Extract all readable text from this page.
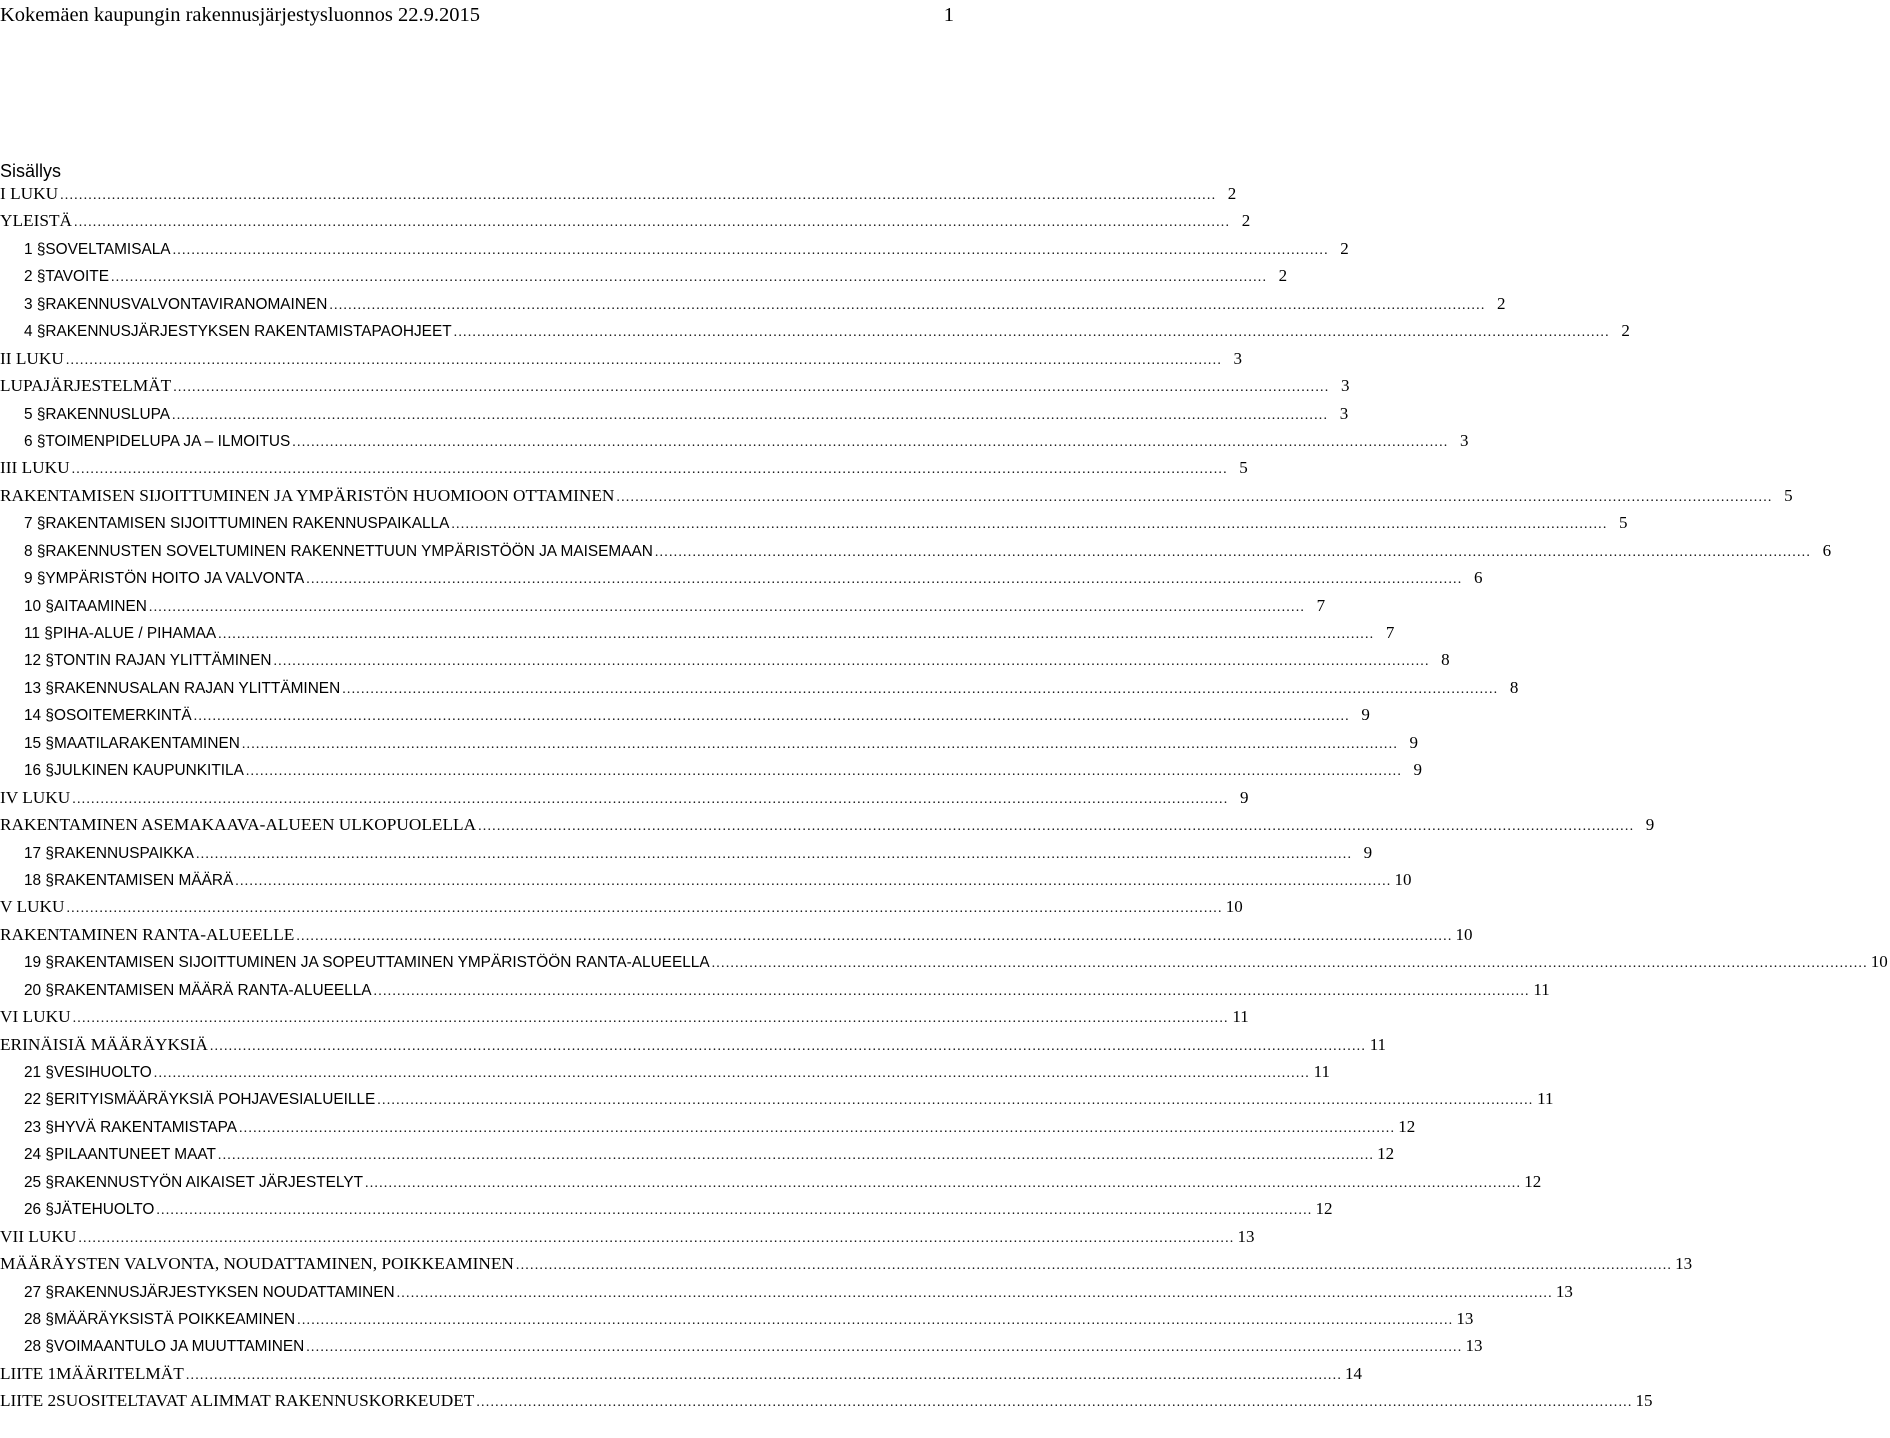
Kokemäen kaupungin rakennusjärjestysluonnos 22.9.2015	1
Sisällys
I LUKU .....	2
YLEISTÄ .....	2
1 § SOVELTAMISALA .....	2
2 § TAVOITE .....	2
3 § RAKENNUSVALVONTAVIRANOMAINEN .....	2
4 § RAKENNUSJÄRJESTYKSEN RAKENTAMISTAPAOHJEET .....	2
II LUKU .....	3
LUPAJÄRJESTELMÄT .....	3
5 § RAKENNUSLUPA .....	3
6 § TOIMENPIDELUPA JA – ILMOITUS .....	3
III LUKU .....	5
RAKENTAMISEN SIJOITTUMINEN JA YMPÄRISTÖN HUOMIOON OTTAMINEN .....	5
7 § RAKENTAMISEN SIJOITTUMINEN RAKENNUSPAIKALLA .....	5
8 § RAKENNUSTEN SOVELTUMINEN RAKENNETTUUN YMPÄRISTÖÖN JA MAISEMAAN .....	6
9 § YMPÄRISTÖN HOITO JA VALVONTA .....	6
10 § AITAAMINEN .....	7
11 § PIHA-ALUE / PIHAMAA .....	7
12 § TONTIN RAJAN YLITTÄMINEN .....	8
13 § RAKENNUSALAN RAJAN YLITTÄMINEN .....	8
14 § OSOITEMERKINTÄ .....	9
15 § MAATILARAKENTAMINEN .....	9
16 § JULKINEN KAUPUNKITILA .....	9
IV LUKU .....	9
RAKENTAMINEN ASEMAKAAVA-ALUEEN ULKOPUOLELLA .....	9
17 § RAKENNUSPAIKKA .....	9
18 § RAKENTAMISEN MÄÄRÄ .....	10
V LUKU .....	10
RAKENTAMINEN RANTA-ALUEELLE .....	10
19 § RAKENTAMISEN SIJOITTUMINEN JA SOPEUTTAMINEN YMPÄRISTÖÖN RANTA-ALUEELLA .....	10
20 § RAKENTAMISEN MÄÄRÄ RANTA-ALUEELLA .....	11
VI LUKU .....	11
ERINÄISIÄ MÄÄRÄYKSIÄ .....	11
21 § VESIHUOLTO .....	11
22 § ERITYISMÄÄRÄYKSIÄ POHJAVESIALUEILLE .....	11
23 § HYVÄ RAKENTAMISTAPA .....	12
24 § PILAANTUNEET MAAT .....	12
25 § RAKENNUSTYÖN AIKAISET JÄRJESTELYT .....	12
26 § JÄTEHUOLTO .....	12
VII LUKU .....	13
MÄÄRÄYSTEN VALVONTA, NOUDATTAMINEN, POIKKEAMINEN .....	13
27 § RAKENNUSJÄRJESTYKSEN NOUDATTAMINEN .....	13
28 § MÄÄRÄYKSISTÄ POIKKEAMINEN .....	13
28 § VOIMAANTULO JA MUUTTAMINEN .....	13
LIITE 1 MÄÄRITELMÄT .....	14
LIITE 2 SUOSITELTAVAT ALIMMAT RAKENNUSKORKEUDET .....	15
